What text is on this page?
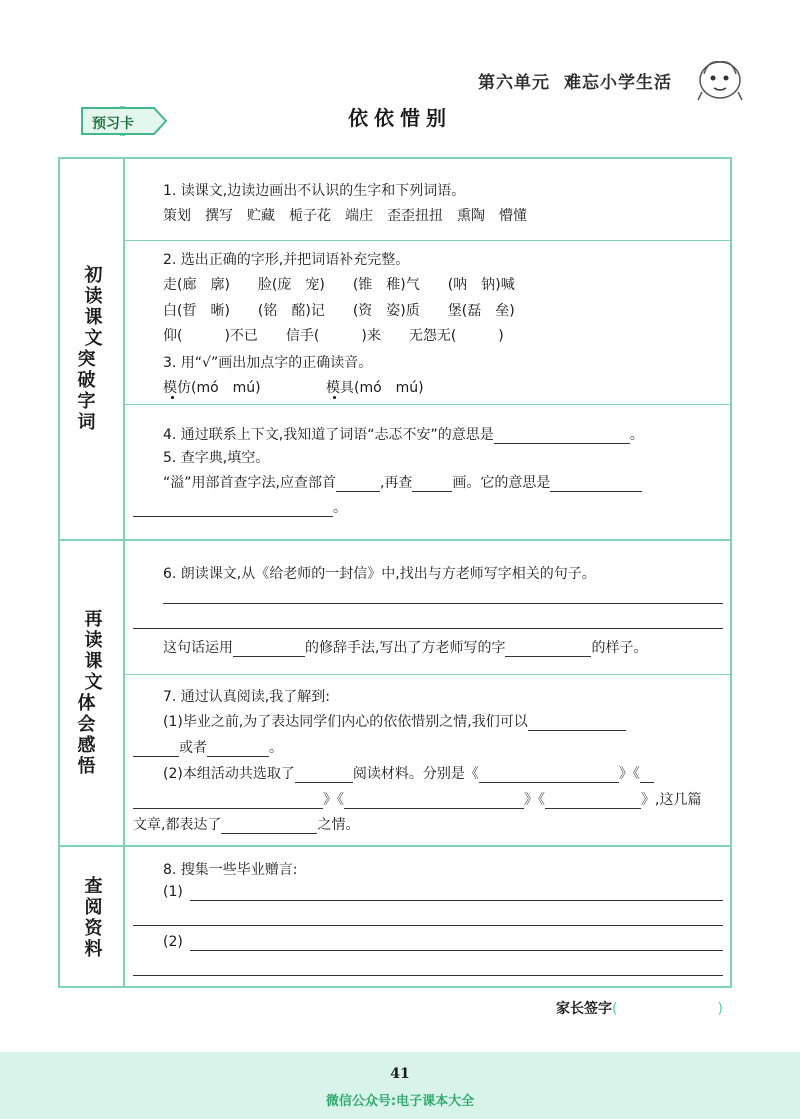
第六单元 难忘小学生活
预习卡	依依惜别
初读课文
突破字词
再读课文
体会感悟
查阅资料
1. 读课文,边读边画出不认识的生字和下列词语。
策划　撰写　贮藏　栀子花　端庄　歪歪扭扭　熏陶　懵懂
2. 选出正确的字形,并把词语补充完整。
走(廊　廓)　　脸(庞　宠)　　(锥　稚)气　　(呐　钠)喊
白(晢　晰)　　(铭　酩)记　　(资　姿)质　　堡(磊　垒)
仰(　　　)不已　　信手(　　　)来　　无怨无(　　　)
3. 用“√”画出加点字的正确读音。
模仿(mó　mú)	模具(mó　mú)
4. 通过联系上下文,我知道了词语“忐忑不安”的意思是	。
5. 查字典,填空。
“溢”用部首查字法,应查部首	,再查	画。它的意思是
。
6. 朗读课文,从《给老师的一封信》中,找出与方老师写字相关的句子。
这句话运用	的修辞手法,写出了方老师写的字	的样子。
7. 通过认真阅读,我了解到:
(1)毕业之前,为了表达同学们内心的依依惜别之情,我们可以
或者	。
(2)本组活动共选取了	阅读材料。分别是《	》《
》《	》《	》,这几篇
文章,都表达了	之情。
8. 搜集一些毕业赠言:
(1)
(2)
家长签字(	)
41
微信公众号:电子课本大全
